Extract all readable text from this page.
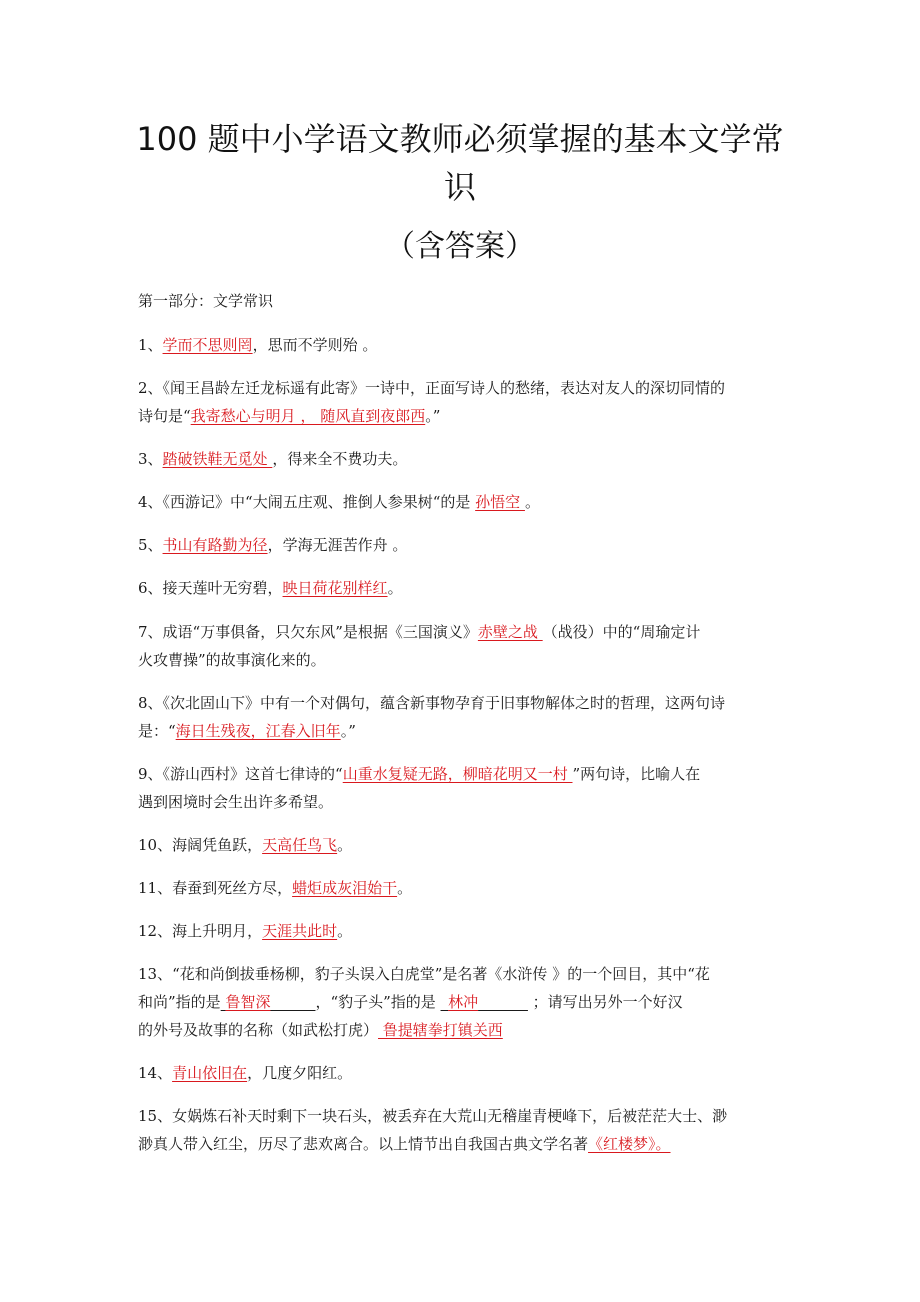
100 题中小学语文教师必须掌握的基本文学常
识
（含答案）
第一部分：文学常识
1、学而不思则罔，思而不学则殆 。
2、《闻王昌龄左迁龙标遥有此寄》一诗中，正面写诗人的愁绪，表达对友人的深切同情的
诗句是“我寄愁心与明月 ， 随风直到夜郎西。”
3、踏破铁鞋无觅处 ，得来全不费功夫。
4、《西游记》中“大闹五庄观、推倒人参果树“的是 孙悟空 。
5、书山有路勤为径，学海无涯苦作舟 。
6、接天莲叶无穷碧，映日荷花别样红。
7、成语“万事俱备，只欠东风”是根据《三国演义》赤壁之战 （战役）中的“周瑜定计
火攻曹操”的故事演化来的。
8、《次北固山下》中有一个对偶句，蕴含新事物孕育于旧事物解体之时的哲理，这两句诗
是：“海日生残夜，江春入旧年。”
9、《游山西村》这首七律诗的“山重水复疑无路，柳暗花明又一村 ”两句诗，比喻人在
遇到困境时会生出许多希望。
10、海阔凭鱼跃，天高任鸟飞。
11、春蚕到死丝方尽，蜡炬成灰泪始干。
12、海上升明月，天涯共此时。
13、“花和尚倒拔垂杨柳，豹子头误入白虎堂”是名著《水浒传 》的一个回目，其中“花
和尚”指的是 鲁智深______，“豹子头”指的是 _林冲 ______ ；请写出另外一个好汉
的外号及故事的名称（如武松打虎） 鲁提辖拳打镇关西
14、青山依旧在，几度夕阳红。
15、女娲炼石补天时剩下一块石头，被丢弃在大荒山无稽崖青梗峰下，后被茫茫大士、渺
渺真人带入红尘，历尽了悲欢离合。以上情节出自我国古典文学名著《红楼梦》。
